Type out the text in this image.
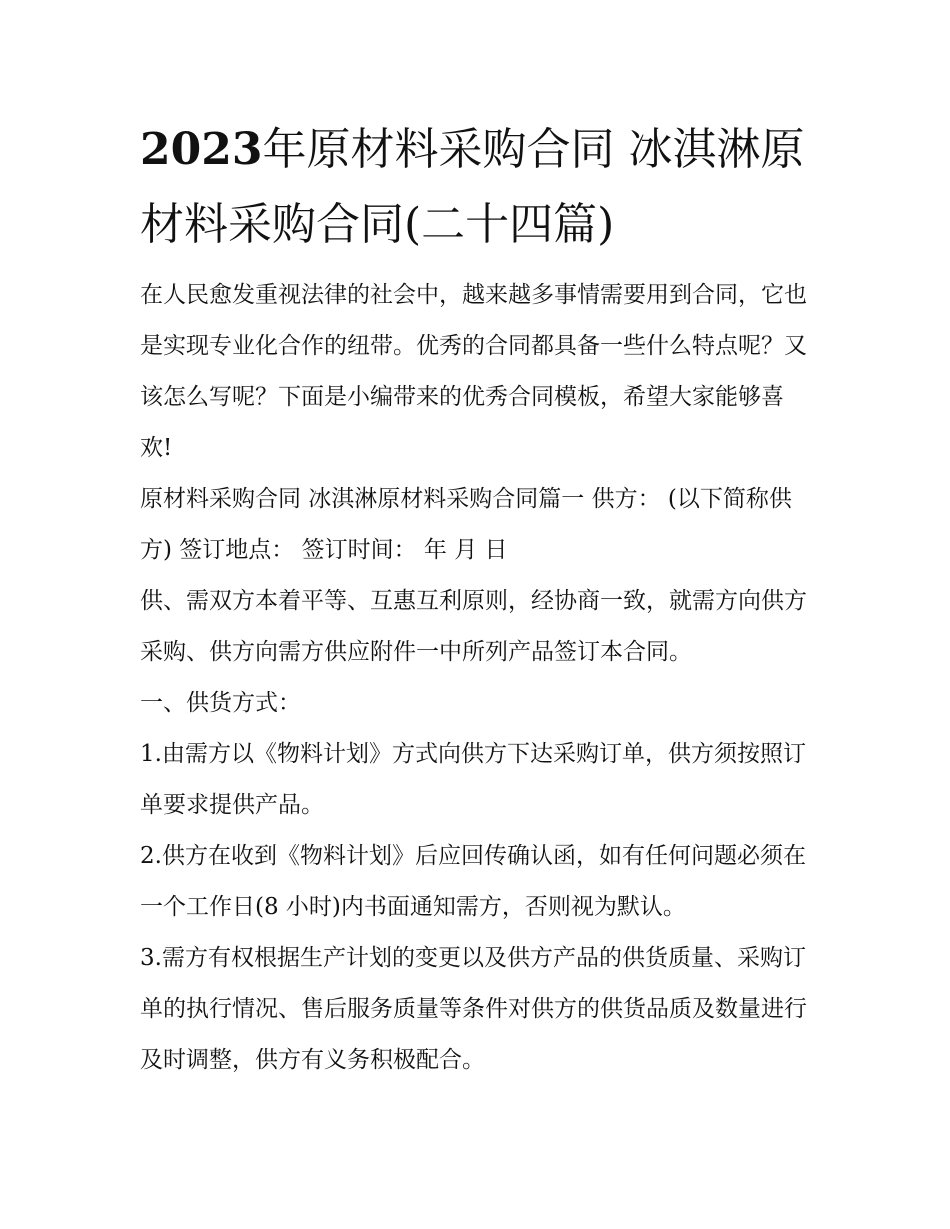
2023年原材料采购合同 冰淇淋原材料采购合同(二十四篇)

在人民愈发重视法律的社会中，越来越多事情需要用到合同，它也是实现专业化合作的纽带。优秀的合同都具备一些什么特点呢？又该怎么写呢？下面是小编带来的优秀合同模板，希望大家能够喜欢!

原材料采购合同 冰淇淋原材料采购合同篇一 供方： (以下简称供方) 签订地点： 签订时间： 年 月 日

供、需双方本着平等、互惠互利原则，经协商一致，就需方向供方采购、供方向需方供应附件一中所列产品签订本合同。

一、供货方式：

1.由需方以《物料计划》方式向供方下达采购订单，供方须按照订单要求提供产品。

2.供方在收到《物料计划》后应回传确认函，如有任何问题必须在一个工作日(8 小时)内书面通知需方，否则视为默认。

3.需方有权根据生产计划的变更以及供方产品的供货质量、采购订单的执行情况、售后服务质量等条件对供方的供货品质及数量进行及时调整，供方有义务积极配合。
